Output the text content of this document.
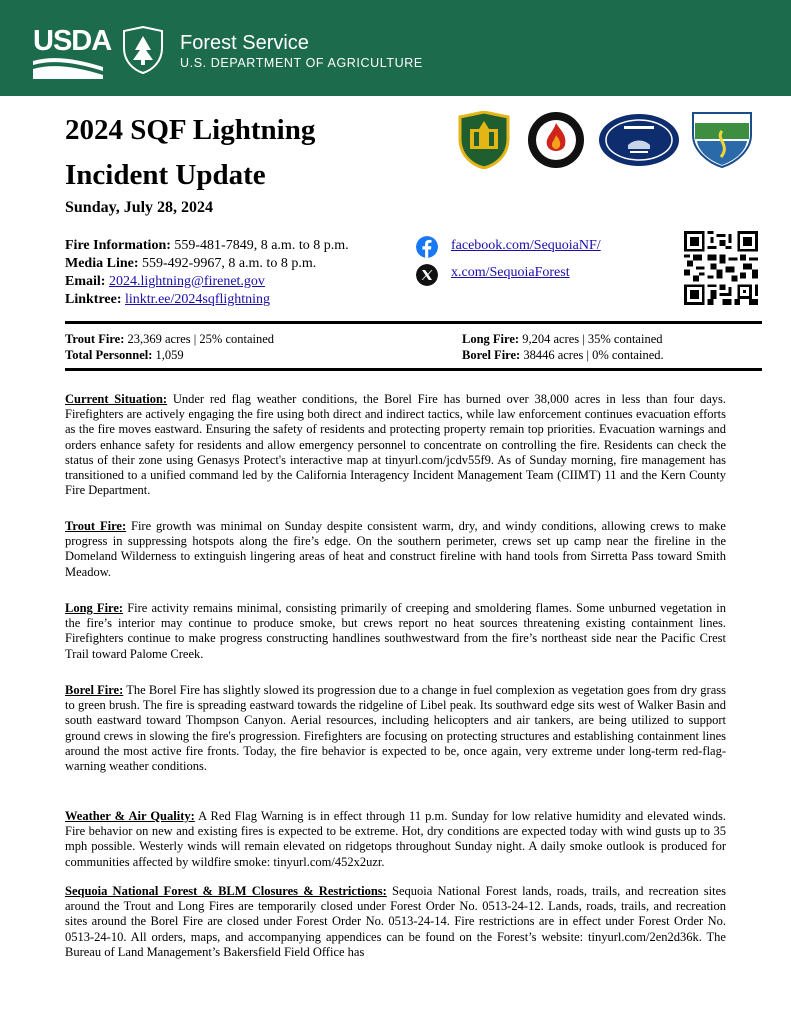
USDA	Forest Service
U.S. DEPARTMENT OF AGRICULTURE
2024 SQF Lightning
Incident Update
Sunday, July 28, 2024
Fire Information: 559-481-7849, 8 a.m. to 8 p.m.
Media Line: 559-492-9967, 8 a.m. to 8 p.m.
Email: 2024.lightning@firenet.gov
Linktree: linktr.ee/2024sqflightning
facebook.com/SequoiaNF/
x.com/SequoiaForest
Trout Fire: 23,369 acres | 25% contained
Total Personnel: 1,059
Long Fire: 9,204 acres | 35% contained
Borel Fire: 38446 acres | 0% contained.
Current Situation: Under red flag weather conditions, the Borel Fire has burned over 38,000 acres in less than four days. Firefighters are actively engaging the fire using both direct and indirect tactics, while law enforcement continues evacuation efforts as the fire moves eastward. Ensuring the safety of residents and protecting property remain top priorities. Evacuation warnings and orders enhance safety for residents and allow emergency personnel to concentrate on controlling the fire. Residents can check the status of their zone using Genasys Protect's interactive map at tinyurl.com/jcdv55f9. As of Sunday morning, fire management has transitioned to a unified command led by the California Interagency Incident Management Team (CIIMT) 11 and the Kern County Fire Department.
Trout Fire: Fire growth was minimal on Sunday despite consistent warm, dry, and windy conditions, allowing crews to make progress in suppressing hotspots along the fire’s edge. On the southern perimeter, crews set up camp near the fireline in the Domeland Wilderness to extinguish lingering areas of heat and construct fireline with hand tools from Sirretta Pass toward Smith Meadow.
Long Fire: Fire activity remains minimal, consisting primarily of creeping and smoldering flames. Some unburned vegetation in the fire’s interior may continue to produce smoke, but crews report no heat sources threatening existing containment lines. Firefighters continue to make progress constructing handlines southwestward from the fire’s northeast side near the Pacific Crest Trail toward Palome Creek.
Borel Fire: The Borel Fire has slightly slowed its progression due to a change in fuel complexion as vegetation goes from dry grass to green brush. The fire is spreading eastward towards the ridgeline of Libel peak. Its southward edge sits west of Walker Basin and south eastward toward Thompson Canyon. Aerial resources, including helicopters and air tankers, are being utilized to support ground crews in slowing the fire's progression. Firefighters are focusing on protecting structures and establishing containment lines around the most active fire fronts. Today, the fire behavior is expected to be, once again, very extreme under long-term red-flag-warning weather conditions.
Weather & Air Quality: A Red Flag Warning is in effect through 11 p.m. Sunday for low relative humidity and elevated winds. Fire behavior on new and existing fires is expected to be extreme. Hot, dry conditions are expected today with wind gusts up to 35 mph possible. Westerly winds will remain elevated on ridgetops throughout Sunday night. A daily smoke outlook is produced for communities affected by wildfire smoke: tinyurl.com/452x2uzr.
Sequoia National Forest & BLM Closures & Restrictions: Sequoia National Forest lands, roads, trails, and recreation sites around the Trout and Long Fires are temporarily closed under Forest Order No. 0513-24-12. Lands, roads, trails, and recreation sites around the Borel Fire are closed under Forest Order No. 0513-24-14. Fire restrictions are in effect under Forest Order No. 0513-24-10. All orders, maps, and accompanying appendices can be found on the Forest’s website: tinyurl.com/2en2d36k. The Bureau of Land Management’s Bakersfield Field Office has
